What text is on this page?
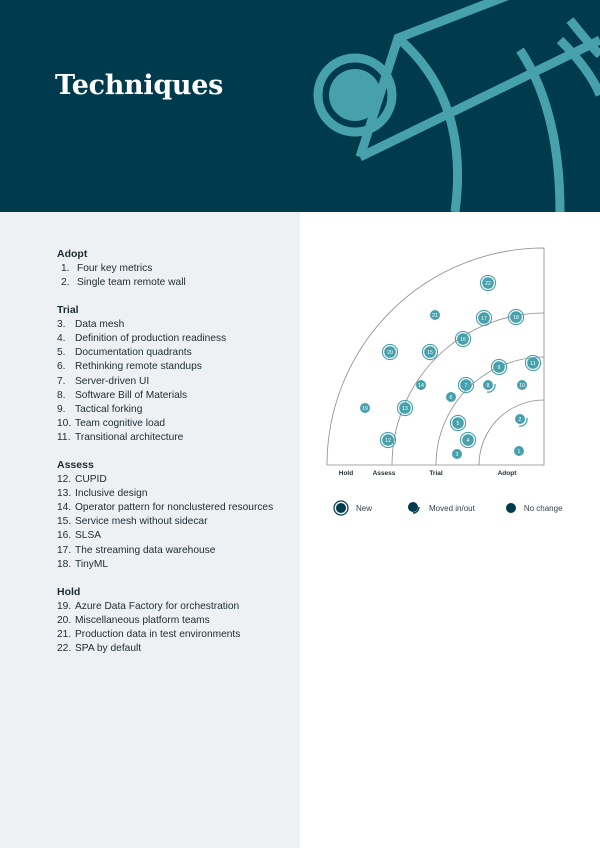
Techniques
Adopt
1. Four key metrics
2. Single team remote wall
Trial
3. Data mesh
4. Definition of production readiness
5. Documentation quadrants
6. Rethinking remote standups
7. Server-driven UI
8. Software Bill of Materials
9. Tactical forking
10. Team cognitive load
11. Transitional architecture
Assess
12. CUPID
13. Inclusive design
14. Operator pattern for nonclustered resources
15. Service mesh without sidecar
16. SLSA
17. The streaming data warehouse
18. TinyML
Hold
19. Azure Data Factory for orchestration
20. Miscellaneous platform teams
21. Production data in test environments
22. SPA by default
22
21	17	18
16
20	15
9
11
14	7	8	10
6
19	13
5
2
12	4
3	1
Hold	Assess	Trial	Adopt
New	Moved in/out	No change
